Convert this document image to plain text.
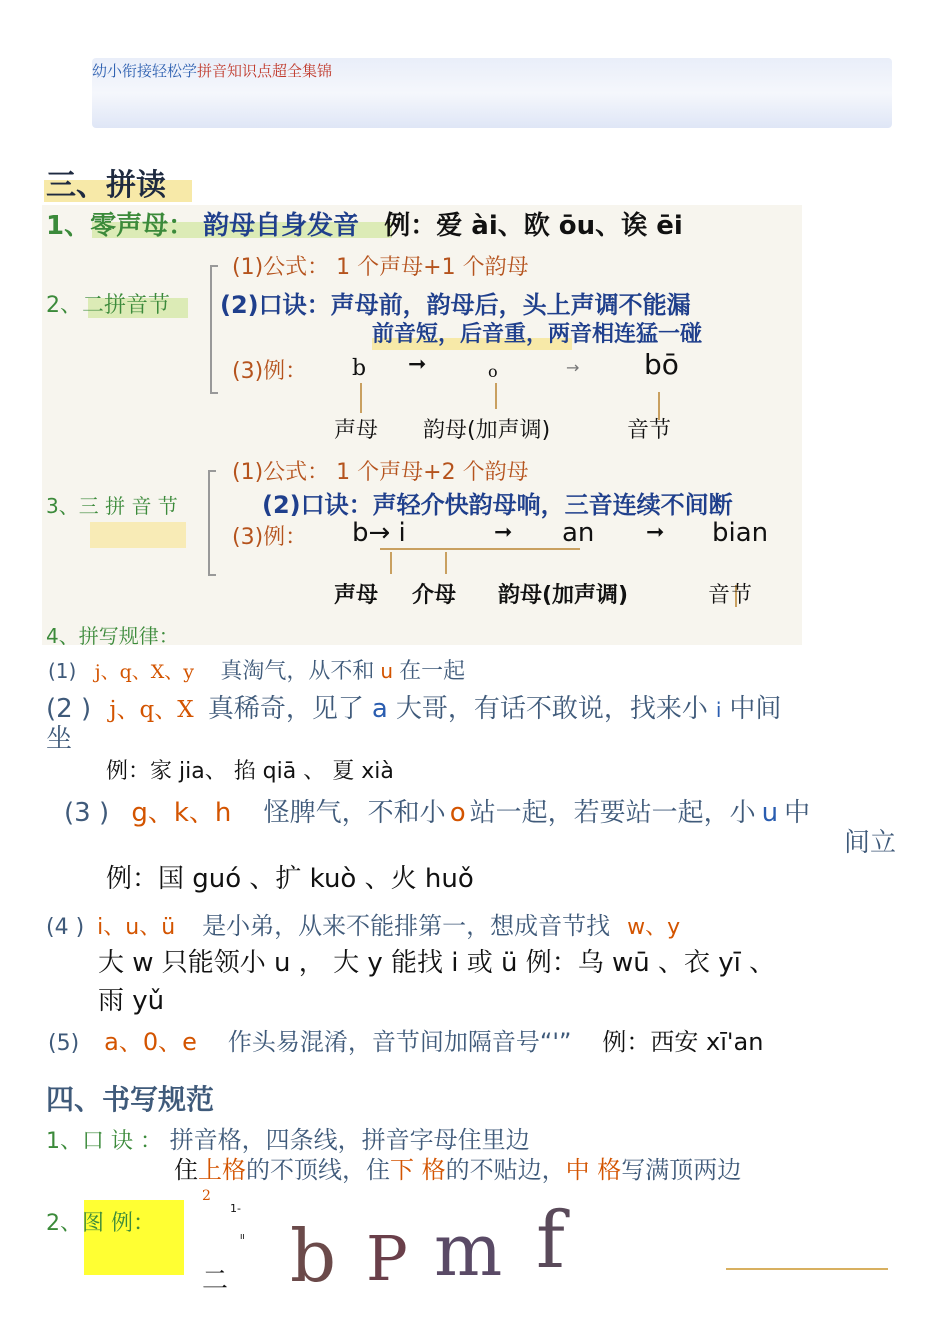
幼小衔接轻松学拼音知识点超全集锦
三、拼读
1、零声母： 韵母自身发音 例：爱 ài、欧 ōu、诶 ēi
2、二拼音节
(1)公式： 1 个声母+1 个韵母
(2)口诀：声母前，韵母后，头上声调不能漏
前音短，后音重，两音相连猛一碰
(3)例： b ➞	o	→ bō
声母 韵母(加声调)	音节
(1)公式： 1 个声母+2 个韵母
3、三 拼 音 节	(2)口诀：声轻介快韵母响，三音连续不间断
(3)例： b→ i	➞ an ➞ bian
声母 介母 韵母(加声调)	音节
4、拼写规律：
(1) j、q、X、y 真淘气，从不和 u 在一起
(2 ) j、q、X 真稀奇，见了 a 大哥，有话不敢说，找来小 i 中间
坐
例：家 jia、 掐 qiā 、 夏 xià
(3 ) g、k、h 怪脾气，不和小 o 站一起，若要站一起，小 u 中
间立
例：国 guó 、扩 kuò 、火 huǒ
(4 ) i、u、ü 是小弟，从来不能排第一，想成音节找 w、y
大 w 只能领小 u ， 大 y 能找 i 或 ü 例：乌 wū 、衣 yī 、
雨 yǔ
(5) a、0、e 作头易混淆，音节间加隔音号“'” 例：西安 xī'an
四、书写规范
1、口 诀 ： 拼音格，四条线，拼音字母住里边
住上格的不顶线，住下 格的不贴边，中 格写满顶两边
2、图 例：
2
1-
ᐦ
二 b P m f
